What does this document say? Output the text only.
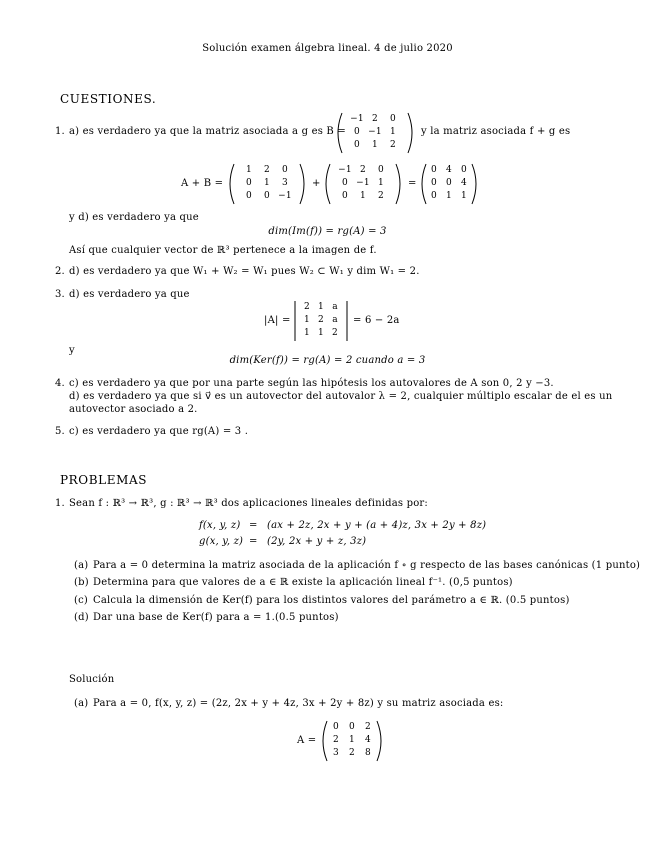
Solución examen álgebra lineal. 4 de julio 2020
CUESTIONES.
1. a) es verdadero ya que la matriz asociada a g es B =
−1 2	0
0 −1 1
0	1	2
y la matriz asociada f + g es
A + B =
1	2	0
0	1	3
0	0 −1
+
−1 2	0
0 −1 1
0	1	2
=
0	4	0
0	0	4
0	1	1
y d) es verdadero ya que
dim(Im(f)) = rg(A) = 3
Así que cualquier vector de ℝ³ pertenece a la imagen de f.
2. d) es verdadero ya que W₁ + W₂ = W₁ pues W₂ ⊂ W₁ y dim W₁ = 2.
3. d) es verdadero ya que
|A| =
2 1 a
1 2 a
1 1 2
= 6 − 2a
y
dim(Ker(f)) = rg(A) = 2 cuando a = 3
4. c) es verdadero ya que por una parte según las hipótesis los autovalores de A son 0, 2 y −3.
d) es verdadero ya que si v⃗ es un autovector del autovalor λ = 2, cualquier múltiplo escalar de el es un
autovector asociado a 2.
5. c) es verdadero ya que rg(A) = 3 .
PROBLEMAS
1. Sean f : ℝ³ → ℝ³, g : ℝ³ → ℝ³ dos aplicaciones lineales definidas por:
f(x, y, z) = (ax + 2z, 2x + y + (a + 4)z, 3x + 2y + 8z)
g(x, y, z) = (2y, 2x + y + z, 3z)
(a) Para a = 0 determina la matriz asociada de la aplicación f ∘ g respecto de las bases canónicas (1 punto)
(b) Determina para que valores de a ∈ ℝ existe la aplicación lineal f⁻¹. (0,5 puntos)
(c) Calcula la dimensión de Ker(f) para los distintos valores del parámetro a ∈ ℝ. (0.5 puntos)
(d) Dar una base de Ker(f) para a = 1.(0.5 puntos)
Solución
(a) Para a = 0, f(x, y, z) = (2z, 2x + y + 4z, 3x + 2y + 8z) y su matriz asociada es:
A =
0	0	2
2	1	4
3	2	8
